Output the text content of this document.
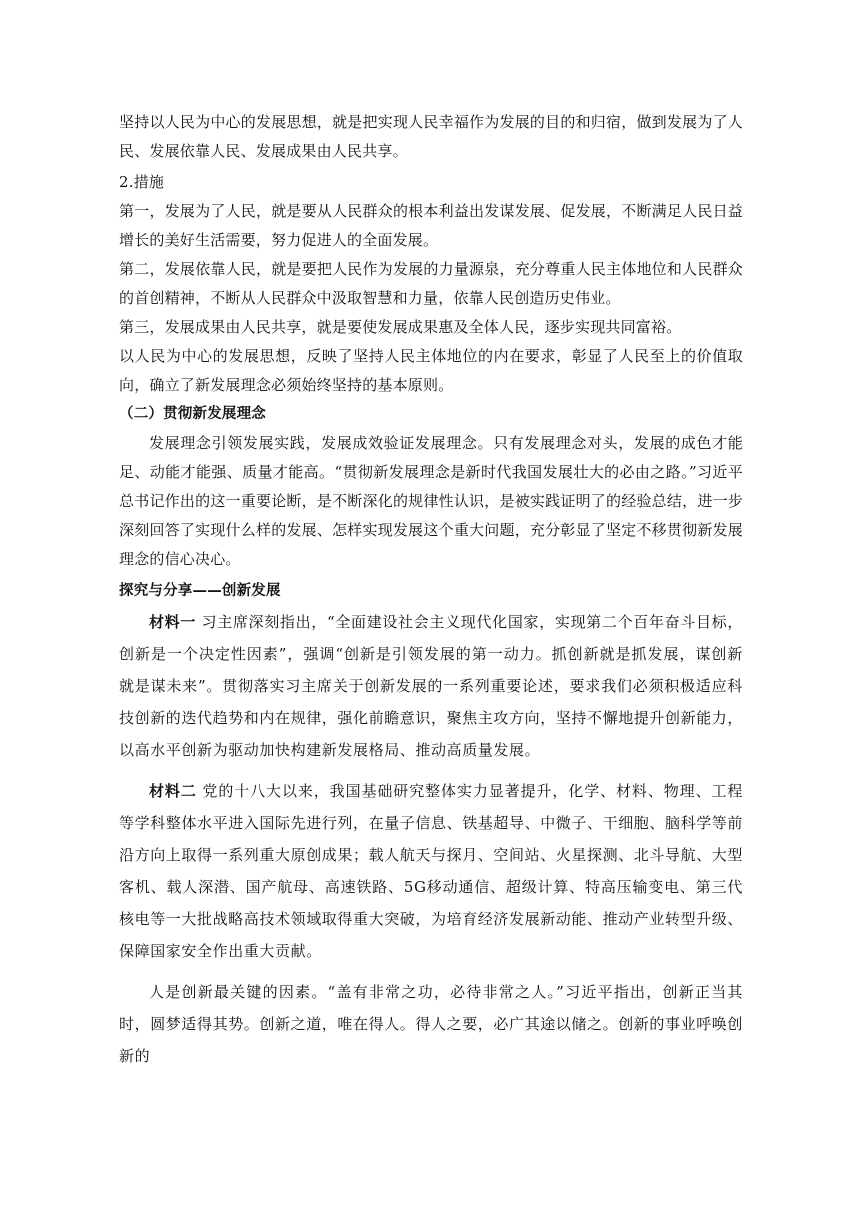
坚持以人民为中心的发展思想，就是把实现人民幸福作为发展的目的和归宿，做到发展为了人民、发展依靠人民、发展成果由人民共享。

2.措施

第一，发展为了人民，就是要从人民群众的根本利益出发谋发展、促发展，不断满足人民日益增长的美好生活需要，努力促进人的全面发展。

第二，发展依靠人民，就是要把人民作为发展的力量源泉，充分尊重人民主体地位和人民群众的首创精神，不断从人民群众中汲取智慧和力量，依靠人民创造历史伟业。

第三，发展成果由人民共享，就是要使发展成果惠及全体人民，逐步实现共同富裕。

以人民为中心的发展思想，反映了坚持人民主体地位的内在要求，彰显了人民至上的价值取向，确立了新发展理念必须始终坚持的基本原则。

（二）贯彻新发展理念

发展理念引领发展实践，发展成效验证发展理念。只有发展理念对头，发展的成色才能足、动能才能强、质量才能高。“贯彻新发展理念是新时代我国发展壮大的必由之路。”习近平总书记作出的这一重要论断，是不断深化的规律性认识，是被实践证明了的经验总结，进一步深刻回答了实现什么样的发展、怎样实现发展这个重大问题，充分彰显了坚定不移贯彻新发展理念的信心决心。

探究与分享——创新发展

材料一 习主席深刻指出，“全面建设社会主义现代化国家，实现第二个百年奋斗目标，创新是一个决定性因素”，强调“创新是引领发展的第一动力。抓创新就是抓发展，谋创新就是谋未来”。贯彻落实习主席关于创新发展的一系列重要论述，要求我们必须积极适应科技创新的迭代趋势和内在规律，强化前瞻意识，聚焦主攻方向，坚持不懈地提升创新能力，以高水平创新为驱动加快构建新发展格局、推动高质量发展。

材料二 党的十八大以来，我国基础研究整体实力显著提升，化学、材料、物理、工程等学科整体水平进入国际先进行列，在量子信息、铁基超导、中微子、干细胞、脑科学等前沿方向上取得一系列重大原创成果；载人航天与探月、空间站、火星探测、北斗导航、大型客机、载人深潜、国产航母、高速铁路、5G移动通信、超级计算、特高压输变电、第三代核电等一大批战略高技术领域取得重大突破，为培育经济发展新动能、推动产业转型升级、保障国家安全作出重大贡献。

人是创新最关键的因素。“盖有非常之功，必待非常之人。”习近平指出，创新正当其时，圆梦适得其势。创新之道，唯在得人。得人之要，必广其途以储之。创新的事业呼唤创新的
